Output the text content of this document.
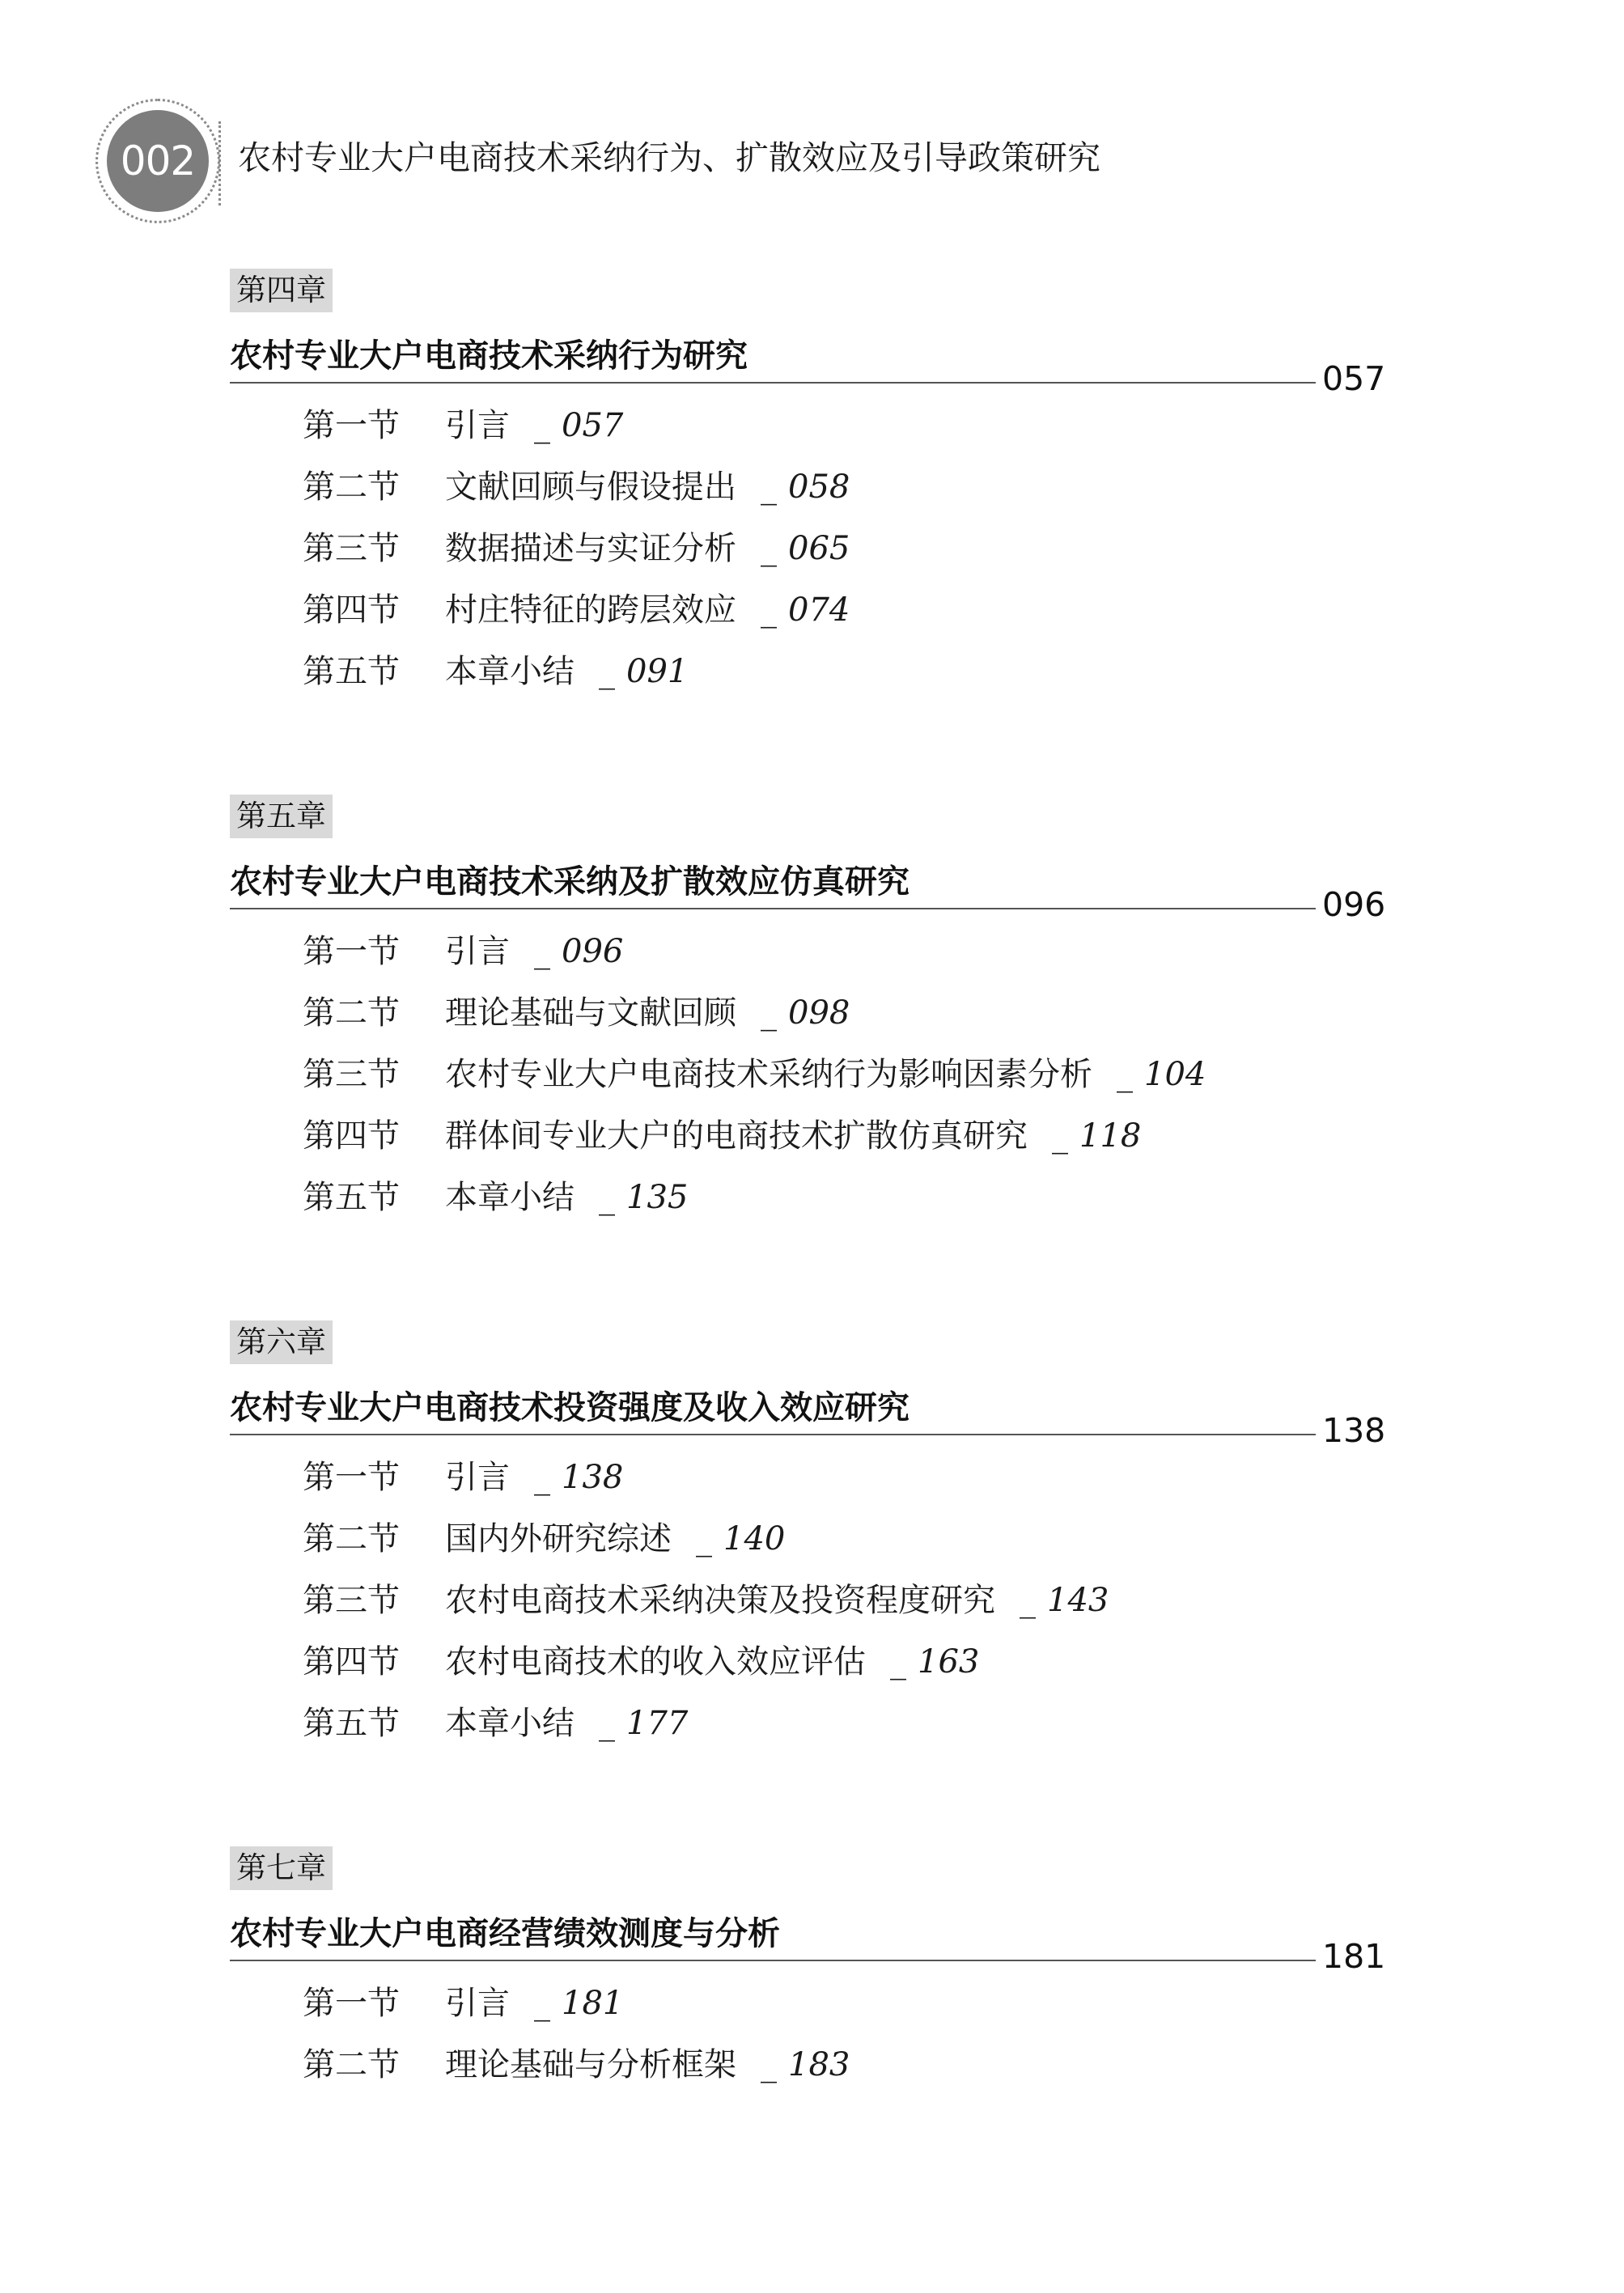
002	农村专业大户电商技术采纳行为、扩散效应及引导政策研究
第四章
农村专业大户电商技术采纳行为研究
057
第一节 引言 _ 057
第二节 文献回顾与假设提出 _ 058
第三节 数据描述与实证分析 _ 065
第四节 村庄特征的跨层效应 _ 074
第五节 本章小结 _ 091
第五章
农村专业大户电商技术采纳及扩散效应仿真研究
096
第一节 引言 _ 096
第二节 理论基础与文献回顾 _ 098
第三节 农村专业大户电商技术采纳行为影响因素分析 _ 104
第四节 群体间专业大户的电商技术扩散仿真研究 _ 118
第五节 本章小结 _ 135
第六章
农村专业大户电商技术投资强度及收入效应研究
138
第一节 引言 _ 138
第二节 国内外研究综述 _ 140
第三节 农村电商技术采纳决策及投资程度研究 _ 143
第四节 农村电商技术的收入效应评估 _ 163
第五节 本章小结 _ 177
第七章
农村专业大户电商经营绩效测度与分析
181
第一节 引言 _ 181
第二节 理论基础与分析框架 _ 183
